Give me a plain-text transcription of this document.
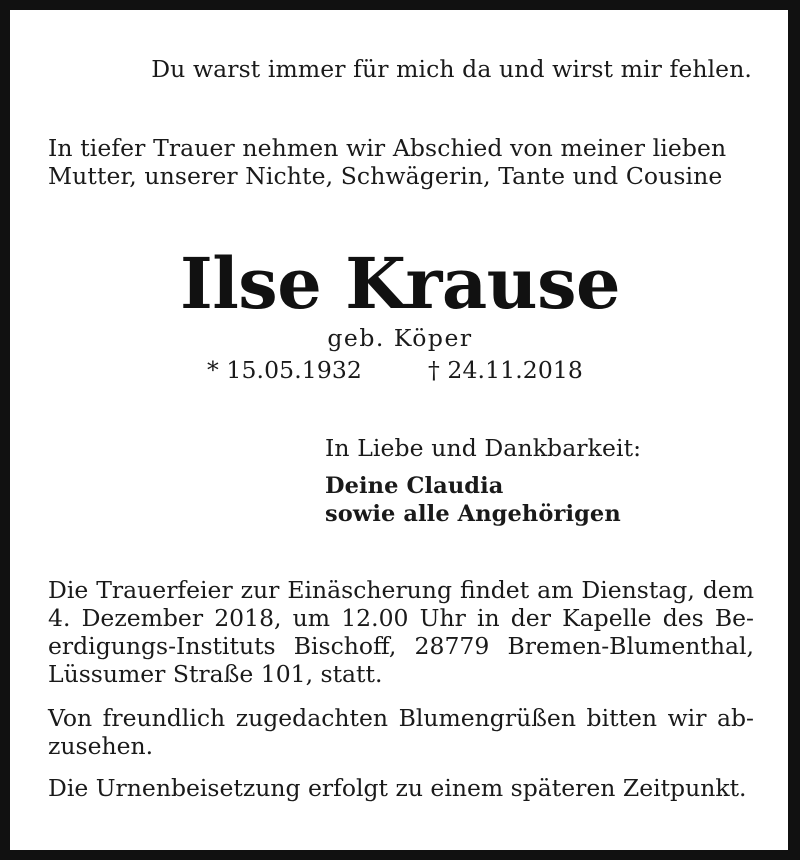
Du warst immer für mich da und wirst mir fehlen.

In tiefer Trauer nehmen wir Abschied von meiner lieben
Mutter, unserer Nichte, Schwägerin, Tante und Cousine
Ilse Krause

geb. Köper

* 15.05.1932	† 24.11.2018

In Liebe und Dankbarkeit:

Deine Claudia
sowie alle Angehörigen
Die Trauerfeier zur Einäscherung findet am Dienstag, dem
4. Dezember 2018, um 12.00 Uhr in der Kapelle des Be-
erdigungs-Instituts Bischoff, 28779 Bremen-Blumenthal,
Lüssumer Straße 101, statt.
Von freundlich zugedachten Blumengrüßen bitten wir ab-
zusehen.
Die Urnenbeisetzung erfolgt zu einem späteren Zeitpunkt.
